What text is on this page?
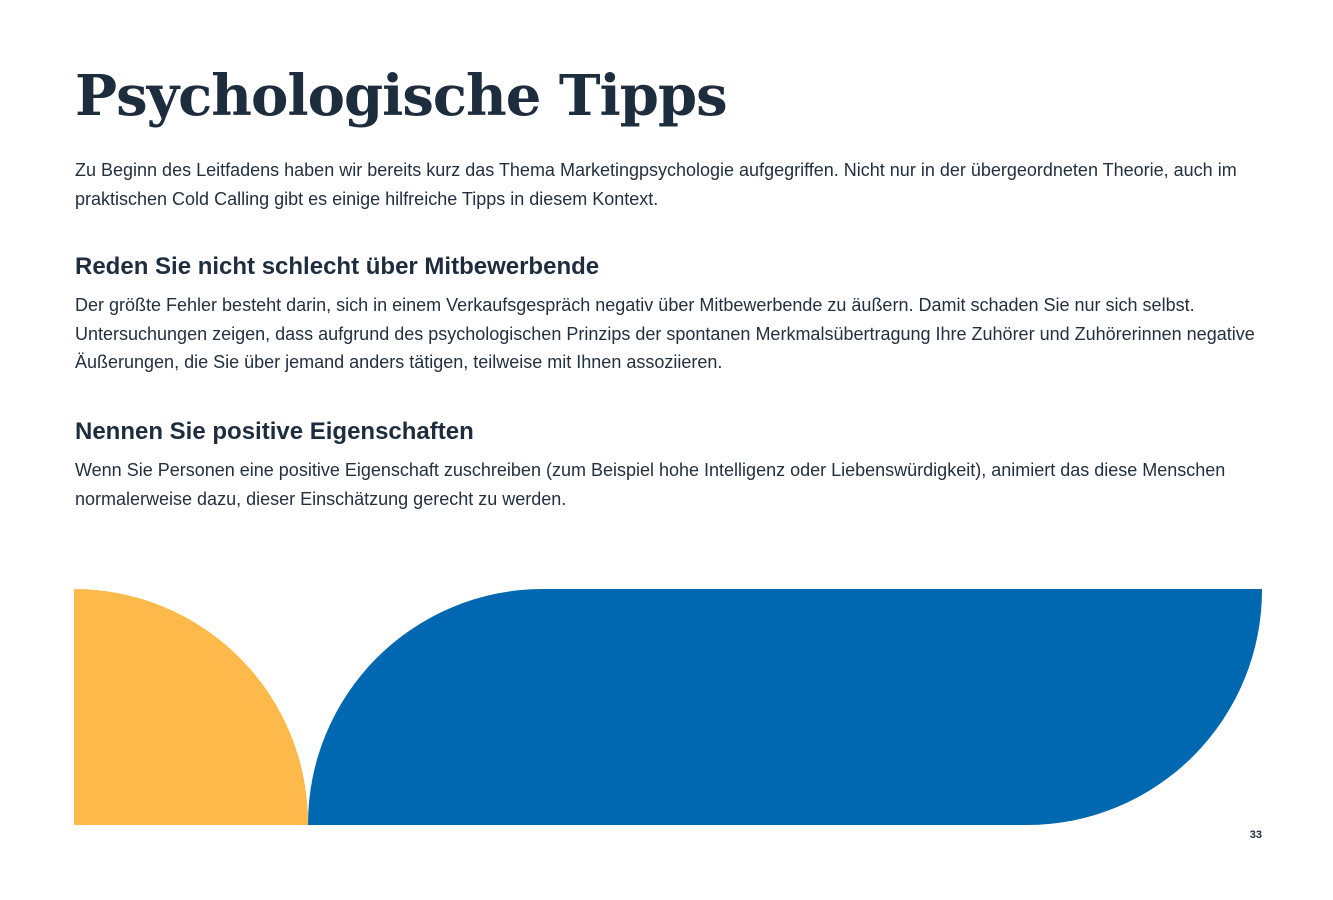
Psychologische Tipps

Zu Beginn des Leitfadens haben wir bereits kurz das Thema Marketingpsychologie aufgegriffen. Nicht nur in der übergeordneten Theorie, auch im praktischen Cold Calling gibt es einige hilfreiche Tipps in diesem Kontext.

Reden Sie nicht schlecht über Mitbewerbende

Der größte Fehler besteht darin, sich in einem Verkaufsgespräch negativ über Mitbewerbende zu äußern. Damit schaden Sie nur sich selbst. Untersuchungen zeigen, dass aufgrund des psychologischen Prinzips der spontanen Merkmalsübertragung Ihre Zuhörer und Zuhörerinnen negative Äußerungen, die Sie über jemand anders tätigen, teilweise mit Ihnen assoziieren.

Nennen Sie positive Eigenschaften

Wenn Sie Personen eine positive Eigenschaft zuschreiben (zum Beispiel hohe Intelligenz oder Liebenswürdigkeit), animiert das diese Menschen normalerweise dazu, dieser Einschätzung gerecht zu werden.

33
